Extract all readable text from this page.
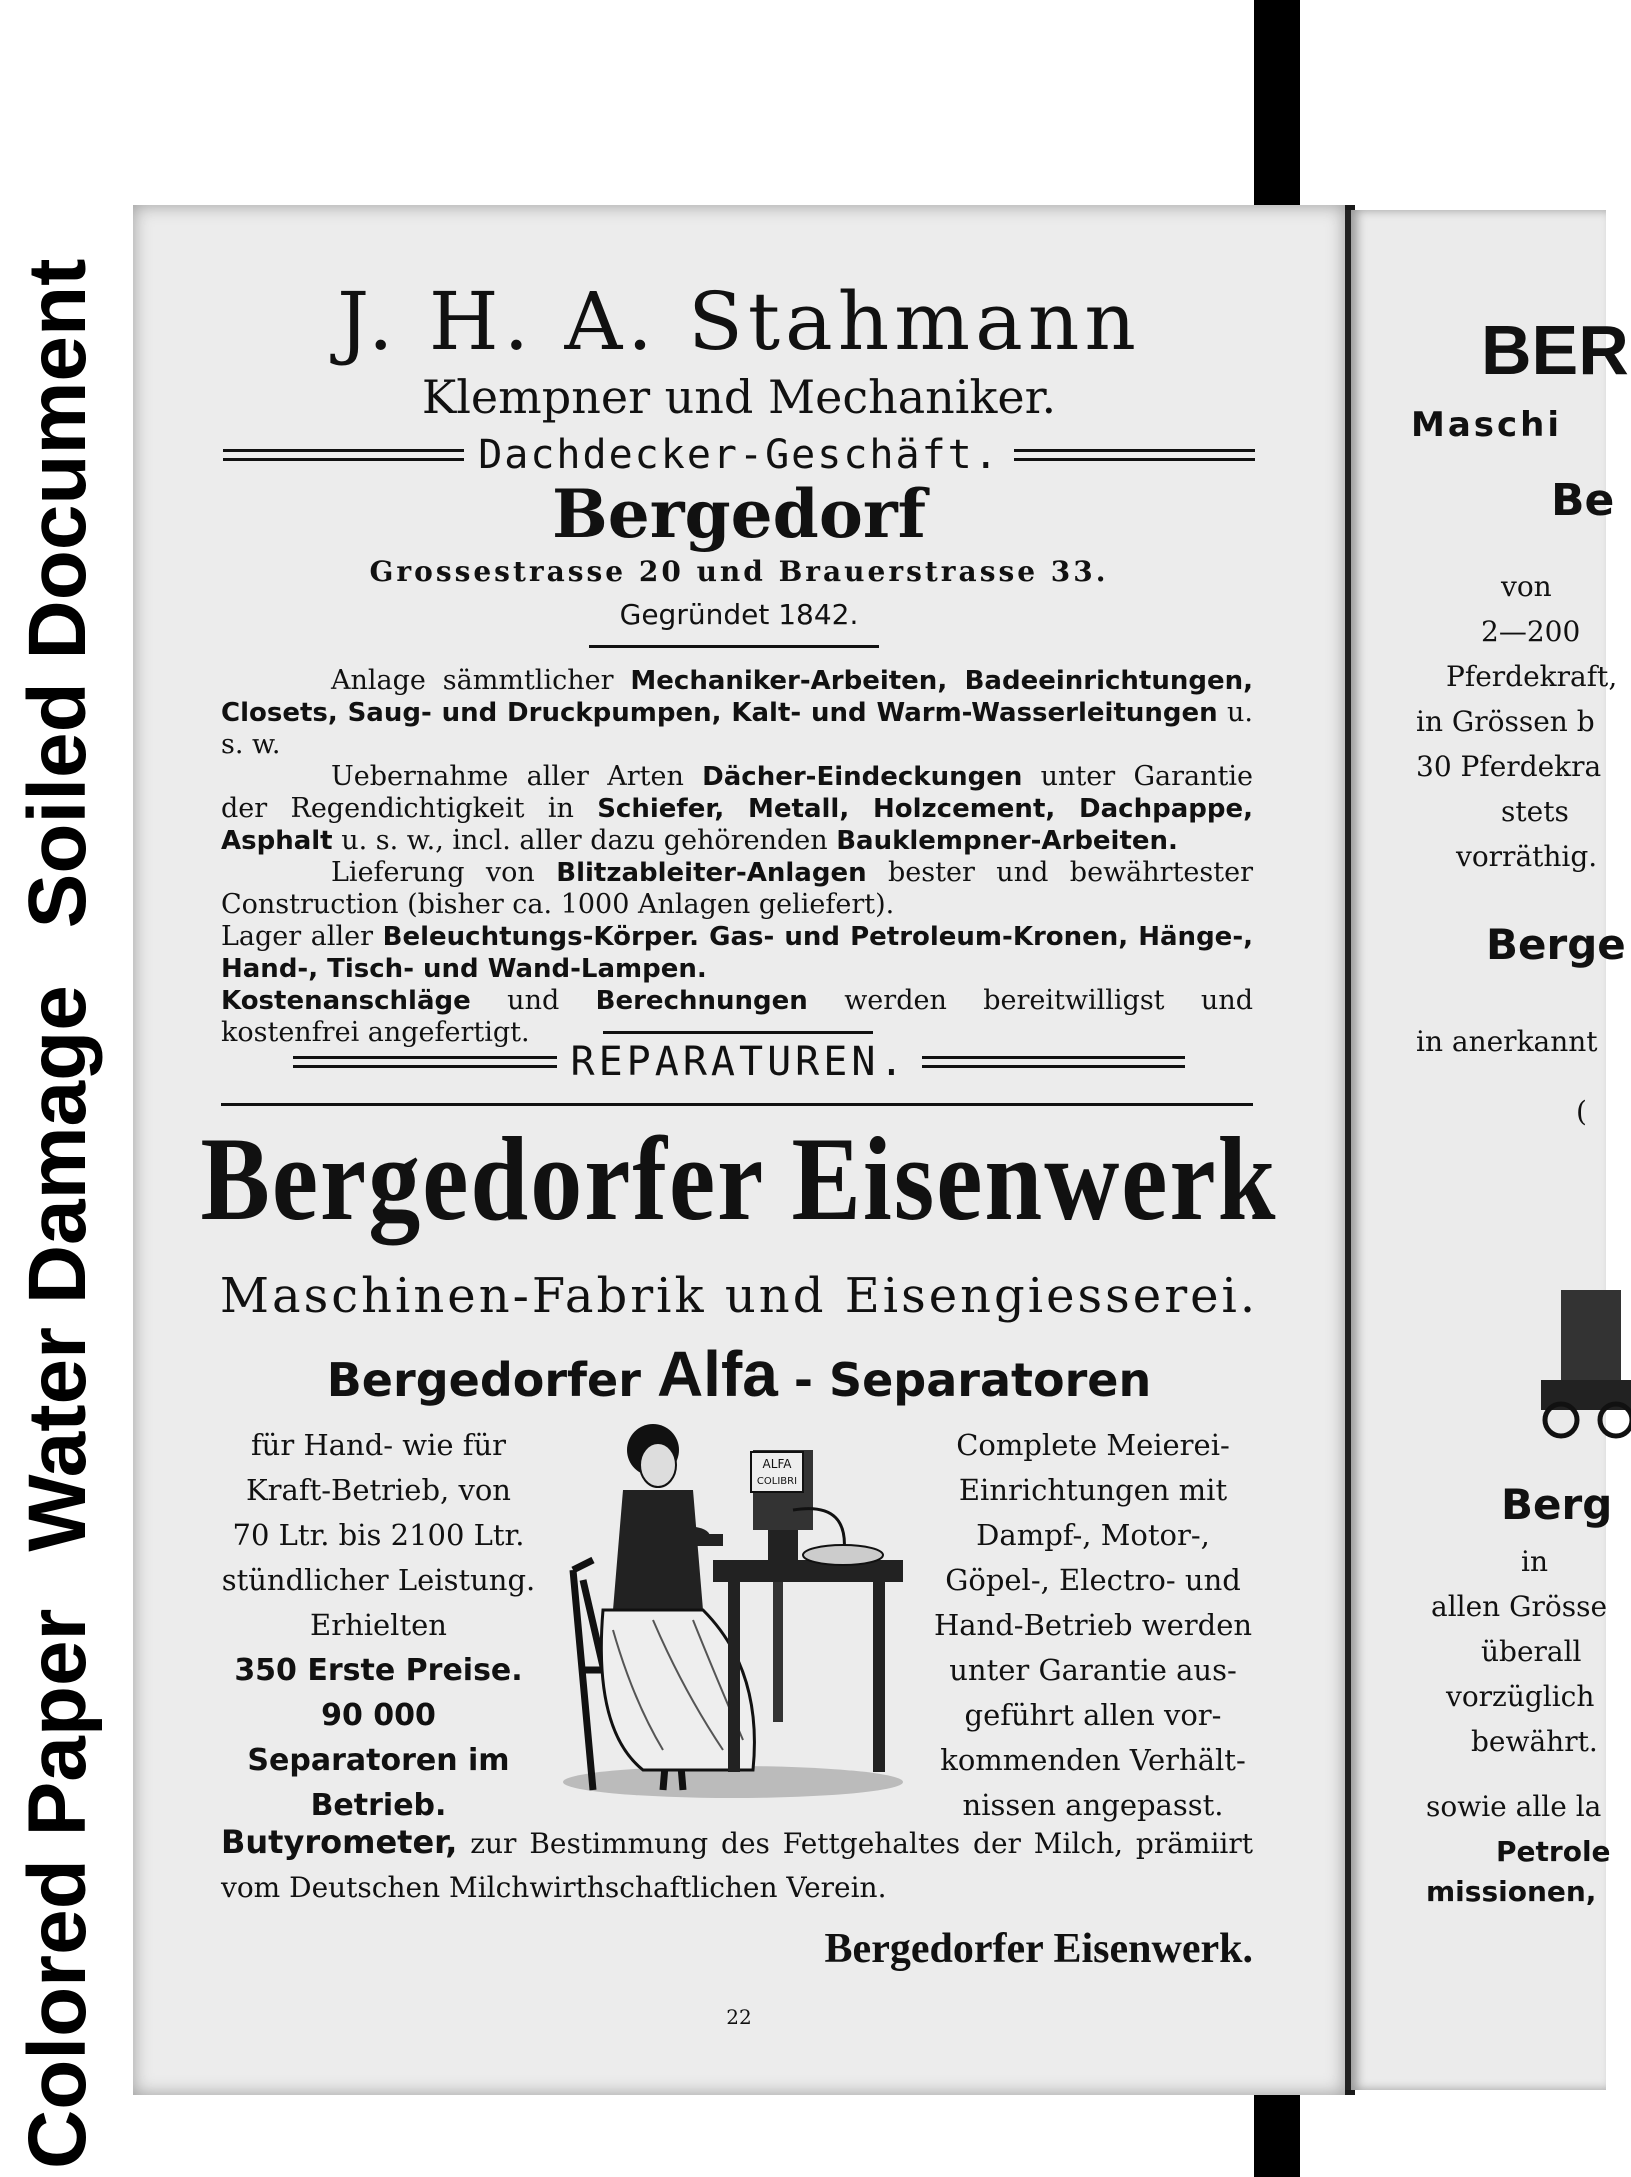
Colored Paper Water Damage Soiled Document	J. H. A. Stahmann
Klempner und Mechaniker.
Dachdecker-Geschäft.
Bergedorf
Grossestrasse 20 und Brauerstrasse 33.
Gegründet 1842.

Anlage sämmtlicher Mechaniker-Arbeiten, Badeeinrichtungen, Closets, Saug- und Druckpumpen, Kalt- und Warm-Wasserleitungen u. s. w.

Uebernahme aller Arten Dächer-Eindeckungen unter Garantie der Regendichtigkeit in Schiefer, Metall, Holzcement, Dachpappe, Asphalt u. s. w., incl. aller dazu gehörenden Bauklempner-Arbeiten.

Lieferung von Blitzableiter-Anlagen bester und bewährtester Construction (bisher ca. 1000 Anlagen geliefert).

Lager aller Beleuchtungs-Körper. Gas- und Petroleum-Kronen, Hänge-, Hand-, Tisch- und Wand-Lampen.

Kostenanschläge und Berechnungen werden bereitwilligst und kostenfrei angefertigt.

REPARATUREN.
Bergedorfer Eisenwerk
Maschinen-Fabrik und Eisengiesserei.
Bergedorfer Alfa - Separatoren
für Hand- wie für
Kraft-Betrieb, von
70 Ltr. bis 2100 Ltr.
stündlicher Leistung.
Erhielten
350 Erste Preise.
90 000
Separatoren im
Betrieb.
ALFA
COLIBRI
Complete Meierei-
Einrichtungen mit
Dampf-, Motor-,
Göpel-, Electro- und
Hand-Betrieb werden
unter Garantie aus-
geführt allen vor-
kommenden Verhält-
nissen angepasst.
Butyrometer, zur Bestimmung des Fettgehaltes der Milch, prämiirt vom Deutschen Milchwirthschaftlichen Verein.
Bergedorfer Eisenwerk.
22
BER
Maschi
Be
von
2—200
Pferdekraft,
in Grössen b
30 Pferdekra
stets
vorräthig.
Berge
in anerkannt
(
Berg
in
allen Grösse
überall
vorzüglich
bewährt.
sowie alle la
Petrole
missionen,
